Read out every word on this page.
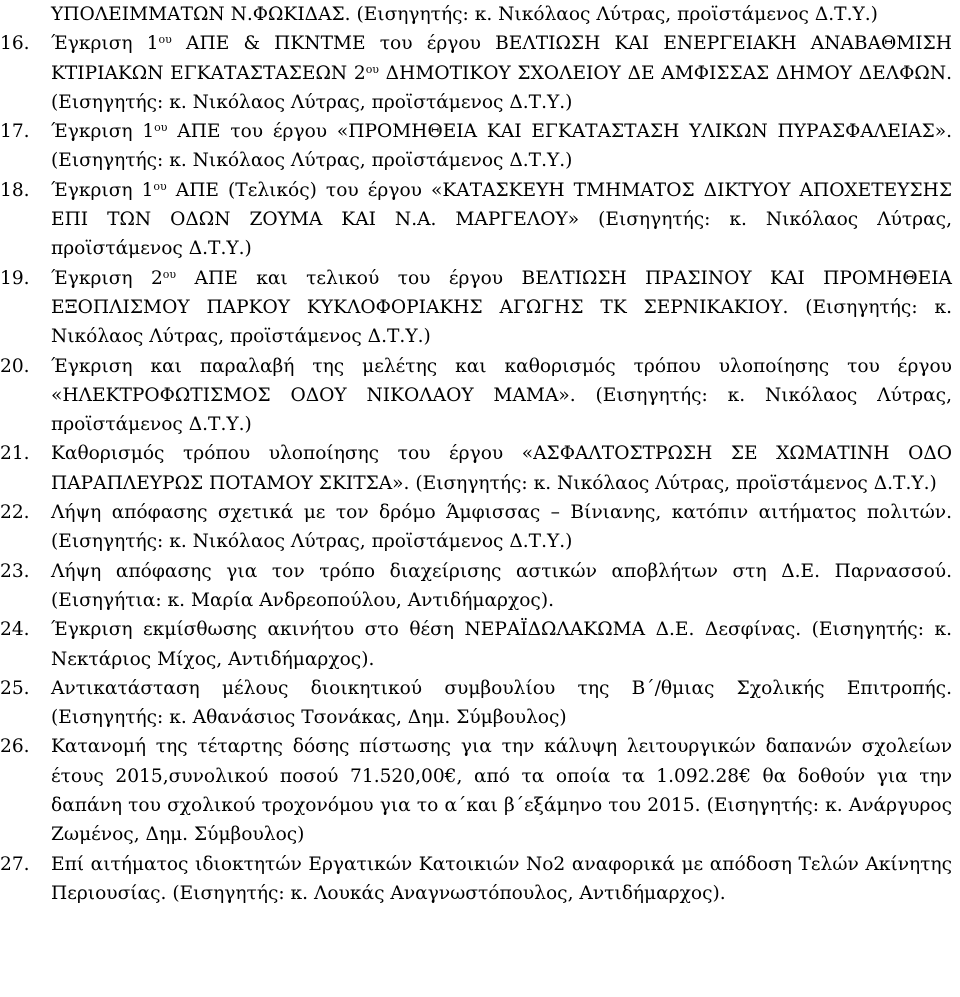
ΥΠΟΛΕΙΜΜΑΤΩΝ Ν.ΦΩΚΙΔΑΣ. (Εισηγητής: κ. Νικόλαος Λύτρας, προϊστάμενος Δ.Τ.Υ.)

16.	Έγκριση $1^{o\upsilon}$ ΑΠΕ & ΠΚΝΤΜΕ του έργου ΒΕΛΤΙΩΣΗ ΚΑΙ ΕΝΕΡΓΕΙΑΚΗ ΑΝΑΒΑΘΜΙΣΗ ΚΤΙΡΙΑΚΩΝ ΕΓΚΑΤΑΣΤΑΣΕΩΝ $2^{o\upsilon}$ ΔΗΜΟΤΙΚΟΥ ΣΧΟΛΕΙΟΥ ΔΕ ΑΜΦΙΣΣΑΣ ΔΗΜΟΥ ΔΕΛΦΩΝ. (Εισηγητής: κ. Νικόλαος Λύτρας, προϊστάμενος Δ.Τ.Υ.)

17.	Έγκριση $1^{o\upsilon}$ ΑΠΕ του έργου «ΠΡΟΜΗΘΕΙΑ ΚΑΙ ΕΓΚΑΤΑΣΤΑΣΗ ΥΛΙΚΩΝ ΠΥΡΑΣΦΑΛΕΙΑΣ». (Εισηγητής: κ. Νικόλαος Λύτρας, προϊστάμενος Δ.Τ.Υ.)

18.	Έγκριση $1^{o\upsilon}$ ΑΠΕ (Τελικός) του έργου «ΚΑΤΑΣΚΕΥΗ ΤΜΗΜΑΤΟΣ ΔΙΚΤΥΟΥ ΑΠΟΧΕΤΕΥΣΗΣ ΕΠΙ ΤΩΝ ΟΔΩΝ ΖΟΥΜΑ ΚΑΙ Ν.Α. ΜΑΡΓΕΛΟΥ» (Εισηγητής: κ. Νικόλαος Λύτρας, προϊστάμενος Δ.Τ.Υ.)

19.	Έγκριση $2^{o\upsilon}$ ΑΠΕ και τελικού του έργου ΒΕΛΤΙΩΣΗ ΠΡΑΣΙΝΟΥ ΚΑΙ ΠΡΟΜΗΘΕΙΑ ΕΞΟΠΛΙΣΜΟΥ ΠΑΡΚΟΥ ΚΥΚΛΟΦΟΡΙΑΚΗΣ ΑΓΩΓΗΣ ΤΚ ΣΕΡΝΙΚΑΚΙΟΥ. (Εισηγητής: κ. Νικόλαος Λύτρας, προϊστάμενος Δ.Τ.Υ.)

20.	Έγκριση και παραλαβή της μελέτης και καθορισμός τρόπου υλοποίησης του έργου «ΗΛΕΚΤΡΟΦΩΤΙΣΜΟΣ ΟΔΟΥ ΝΙΚΟΛΑΟΥ ΜΑΜΑ». (Εισηγητής: κ. Νικόλαος Λύτρας, προϊστάμενος Δ.Τ.Υ.)

21.	Καθορισμός τρόπου υλοποίησης του έργου «ΑΣΦΑΛΤΟΣΤΡΩΣΗ ΣΕ ΧΩΜΑΤΙΝΗ ΟΔΟ ΠΑΡΑΠΛΕΥΡΩΣ ΠΟΤΑΜΟΥ ΣΚΙΤΣΑ». (Εισηγητής: κ. Νικόλαος Λύτρας, προϊστάμενος Δ.Τ.Υ.)

22.	Λήψη απόφασης σχετικά με τον δρόμο Άμφισσας – Βίνιανης, κατόπιν αιτήματος πολιτών. (Εισηγητής: κ. Νικόλαος Λύτρας, προϊστάμενος Δ.Τ.Υ.)

23.	Λήψη απόφασης για τον τρόπο διαχείρισης αστικών αποβλήτων στη Δ.Ε. Παρνασσού. (Εισηγήτια: κ. Μαρία Ανδρεοπούλου, Αντιδήμαρχος).

24.	Έγκριση εκμίσθωσης ακινήτου στο θέση ΝΕΡΑΪΔΩΛΑΚΩΜΑ Δ.Ε. Δεσφίνας. (Εισηγητής: κ. Νεκτάριος Μίχος, Αντιδήμαρχος).

25.	Αντικατάσταση μέλους διοικητικού συμβουλίου της Β΄/θμιας Σχολικής Επιτροπής. (Εισηγητής: κ. Αθανάσιος Τσονάκας, Δημ. Σύμβουλος)

26.	Κατανομή της τέταρτης δόσης πίστωσης για την κάλυψη λειτουργικών δαπανών σχολείων έτους 2015,συνολικού ποσού 71.520,00€, από τα οποία τα 1.092.28€ θα δοθούν για την δαπάνη του σχολικού τροχονόμου για το α΄και β΄εξάμηνο του 2015. (Εισηγητής: κ. Ανάργυρος Ζωμένος, Δημ. Σύμβουλος)

27.	Επί αιτήματος ιδιοκτητών Εργατικών Κατοικιών Νο2 αναφορικά με απόδοση Τελών Ακίνητης Περιουσίας. (Εισηγητής: κ. Λουκάς Αναγνωστόπουλος, Αντιδήμαρχος).
